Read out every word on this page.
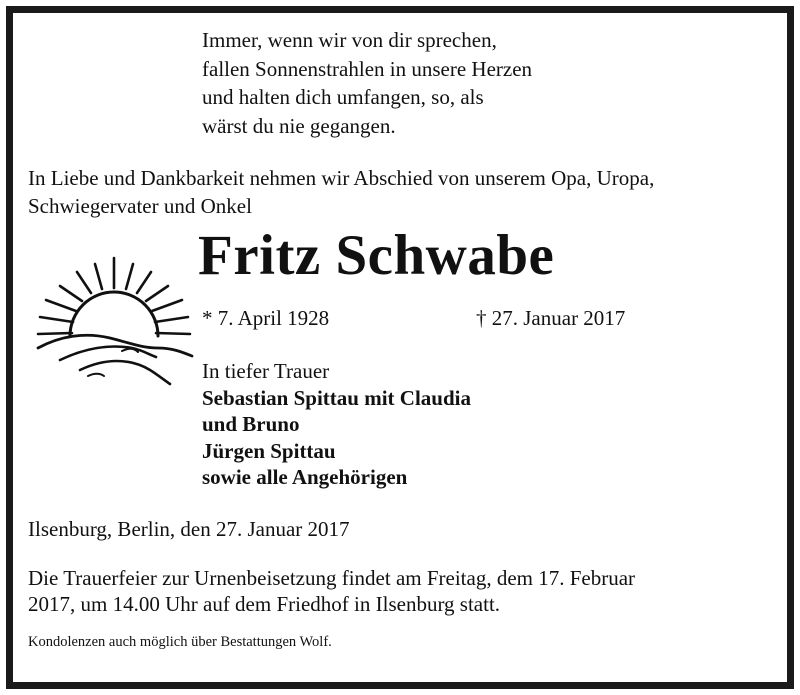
Immer, wenn wir von dir sprechen,
fallen Sonnenstrahlen in unsere Herzen
und halten dich umfangen, so, als
wärst du nie gegangen.
In Liebe und Dankbarkeit nehmen wir Abschied von unserem Opa, Uropa,
Schwiegervater und Onkel
Fritz Schwabe
* 7. April 1928	† 27. Januar 2017
In tiefer Trauer
Sebastian Spittau mit Claudia
und Bruno
Jürgen Spittau
sowie alle Angehörigen
Ilsenburg, Berlin, den 27. Januar 2017
Die Trauerfeier zur Urnenbeisetzung findet am Freitag, dem 17. Februar
2017, um 14.00 Uhr auf dem Friedhof in Ilsenburg statt.
Kondolenzen auch möglich über Bestattungen Wolf.
